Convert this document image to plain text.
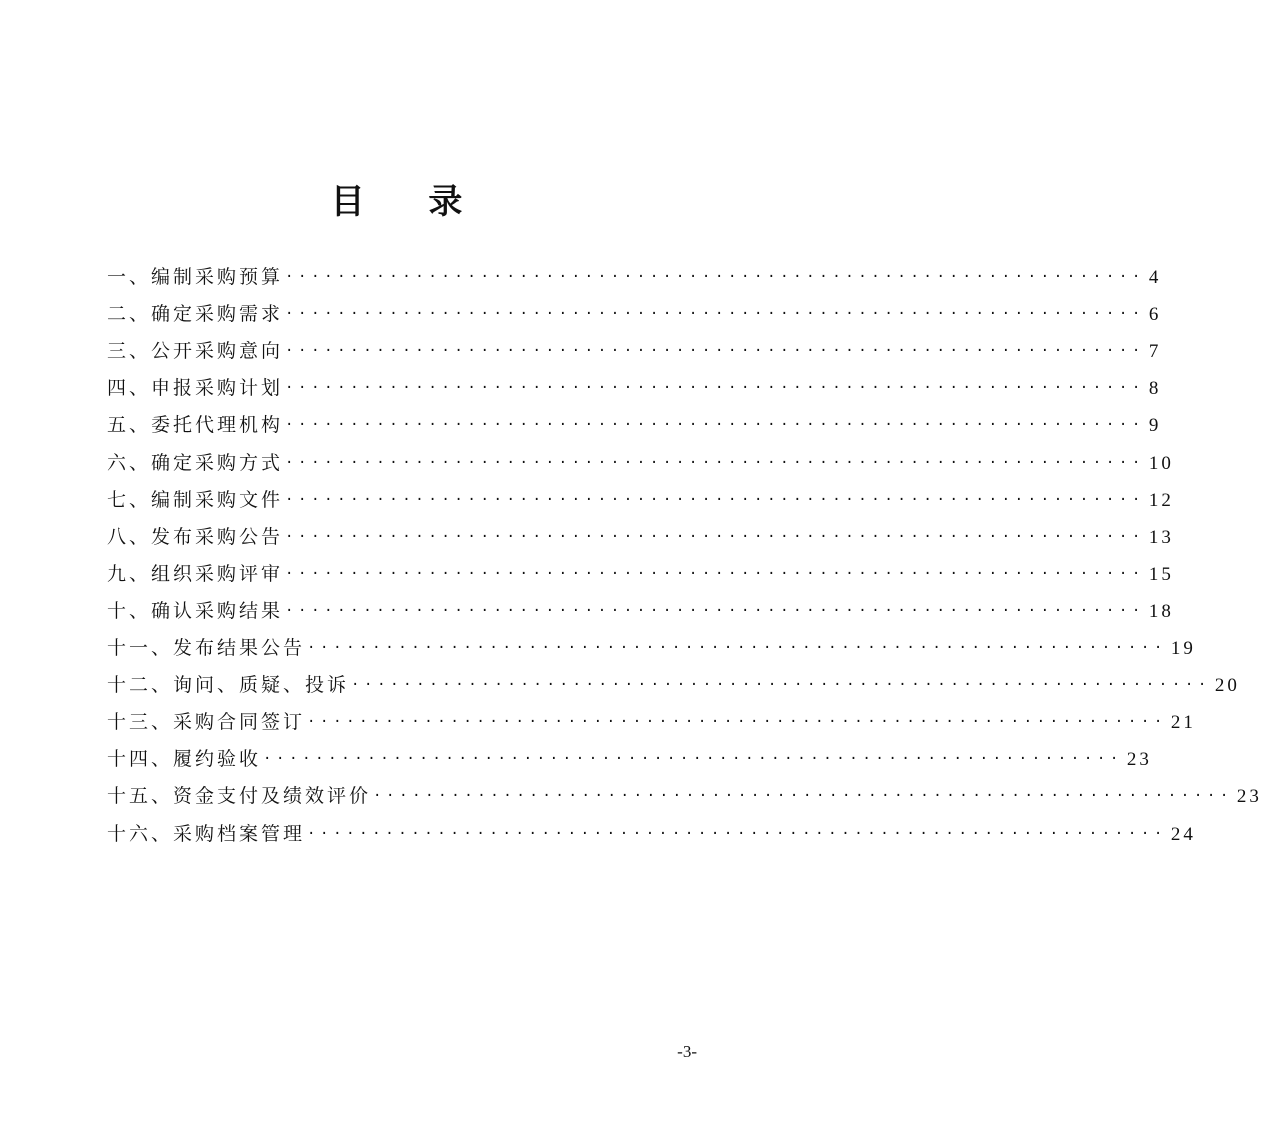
目 录
一、编制采购预算 ·································································· 4
二、确定采购需求 ·································································· 6
三、公开采购意向 ·································································· 7
四、申报采购计划 ·································································· 8
五、委托代理机构 ·································································· 9
六、确定采购方式 ·································································· 10
七、编制采购文件 ·································································· 12
八、发布采购公告 ·································································· 13
九、组织采购评审 ·································································· 15
十、确认采购结果 ·································································· 18
十一、发布结果公告 ·································································· 19
十二、询问、质疑、投诉 ·································································· 20
十三、采购合同签订 ·································································· 21
十四、履约验收 ·································································· 23
十五、资金支付及绩效评价 ·································································· 23
十六、采购档案管理 ·································································· 24
-3-
